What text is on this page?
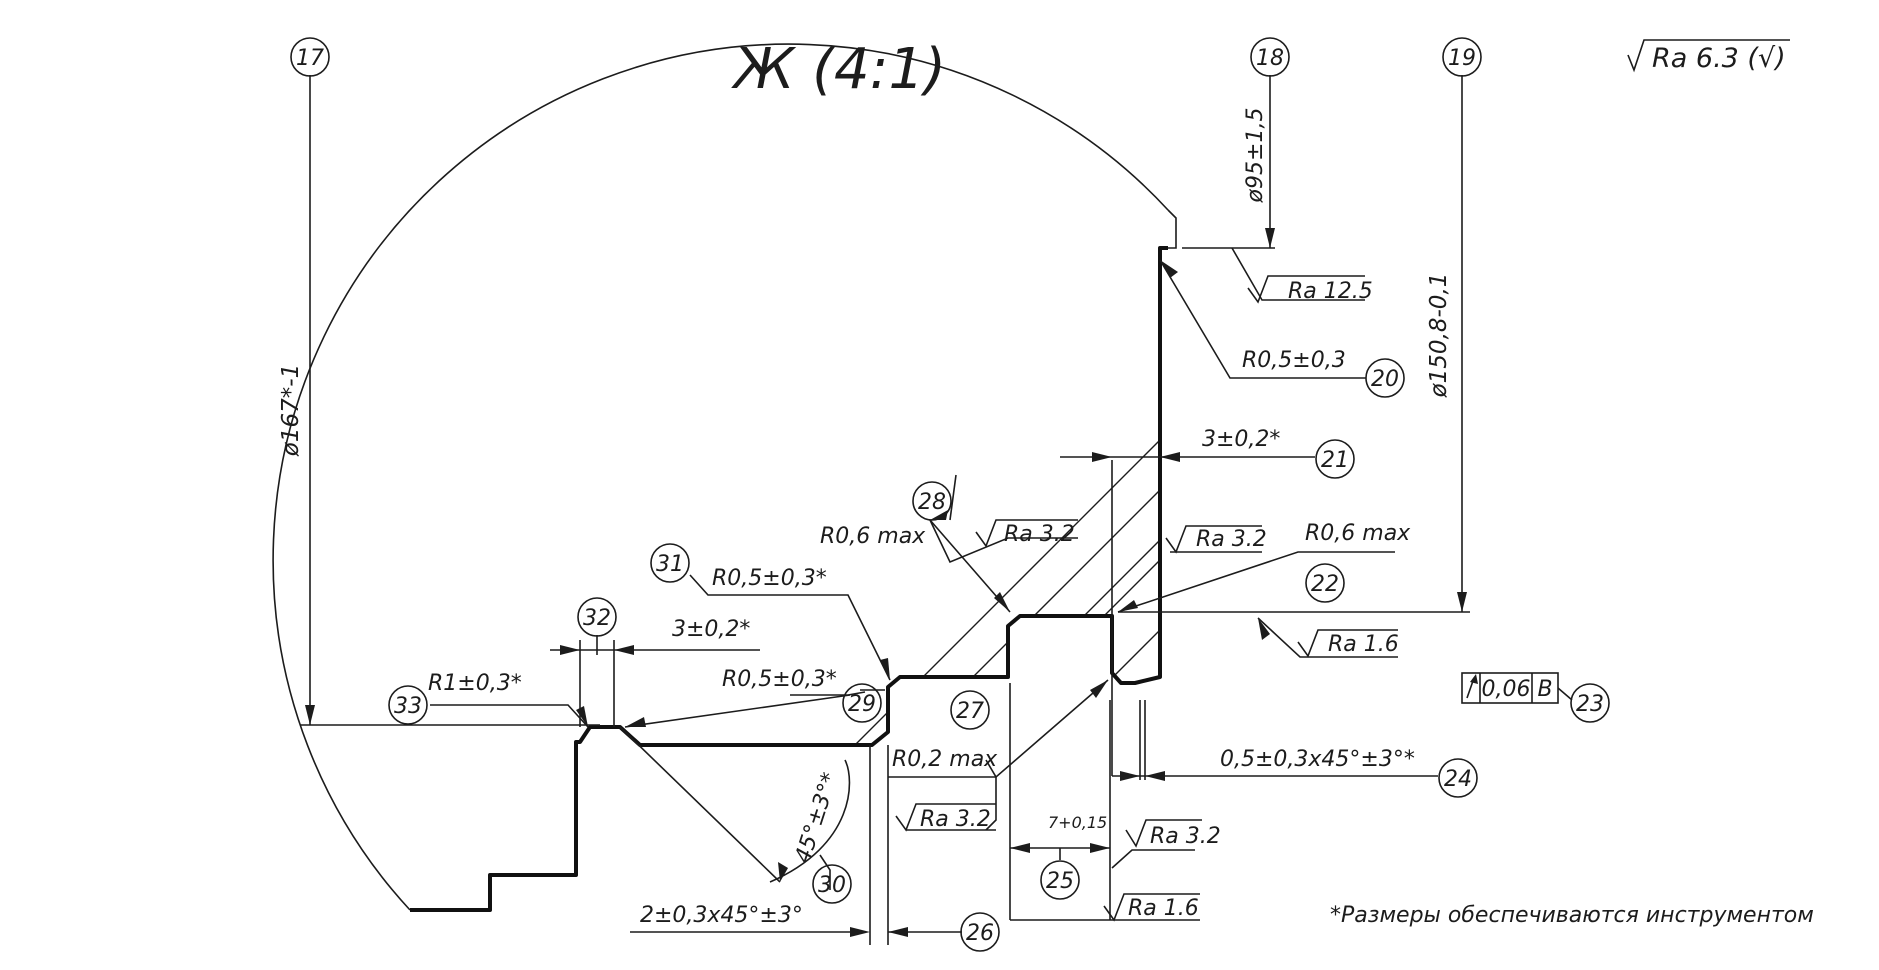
17	18	19
20
21
22
23
24
25
26
27
28
29
30
31
32
33
0,06 B
Ж (4:1)	Ra 6.3 (√)
*Размеры обеспечиваются инструментом
ø167*-1
ø95±1,5
ø150,8-0,1
R0,5±0,3
3±0,2*
R0,6 max
0,5±0,3x45°±3°*
7+0,15
R0,2 max
R0,6 max
R0,5±0,3*
45°±3°*
R0,5±0,3*
3±0,2*
R1±0,3*
2±0,3x45°±3°
Ra 12.5
Ra 3.2
Ra 1.6
Ra 3.2
Ra 1.6
Ra 3.2
Ra 3.2
